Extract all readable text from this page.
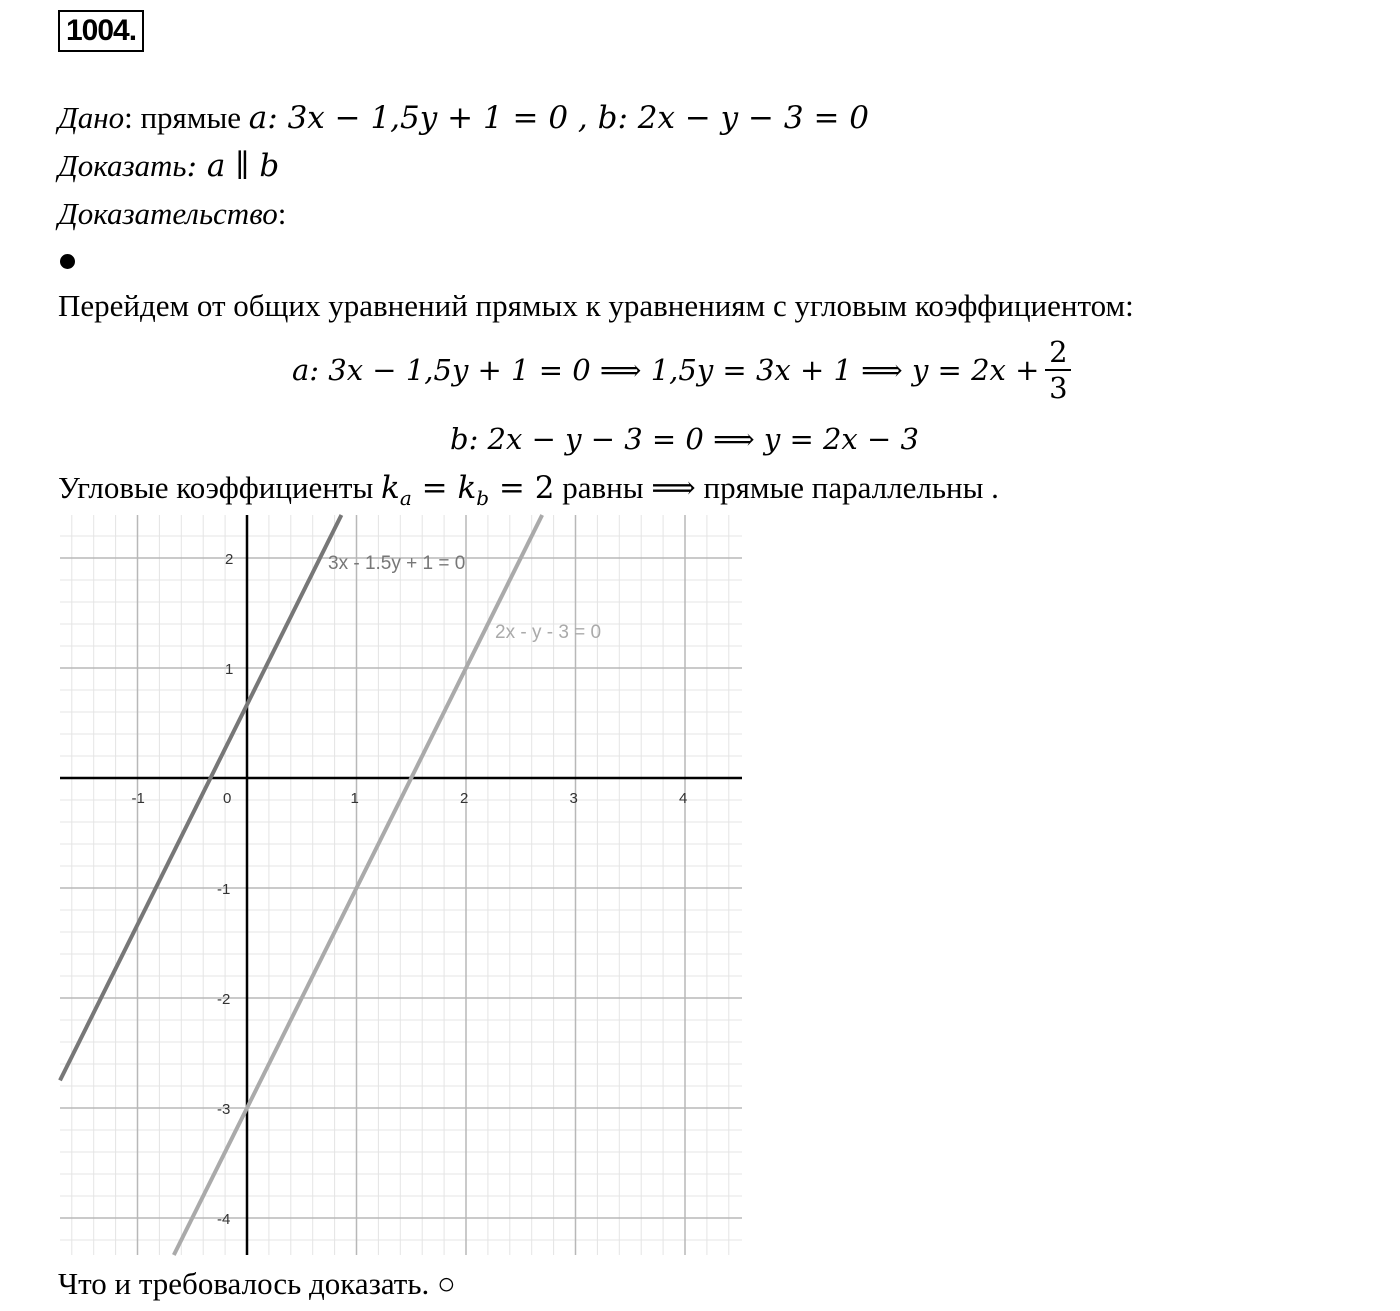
1004.
Дано: прямые a: 3x − 1,5y + 1 = 0 , b: 2x − y − 3 = 0
Доказать: a ∥ b
Доказательство:
Перейдем от общих уравнений прямых к уравнениям с угловым коэффициентом:
a: 3x − 1,5y + 1 = 0 ⟹ 1,5y = 3x + 1 ⟹ $y = 2x + \frac{2}{3}$
b: 2x − y − 3 = 0 ⟹ y = 2x − 3
Угловые коэффициенты $k_a = k_b = 2$ равны ⟹ прямые параллельны .
-1	0	1	2	3	4
2
1
-1
-2
-3
-4
3x - 1.5y + 1 = 0
2x - y - 3 = 0
Что и требовалось доказать. ○
